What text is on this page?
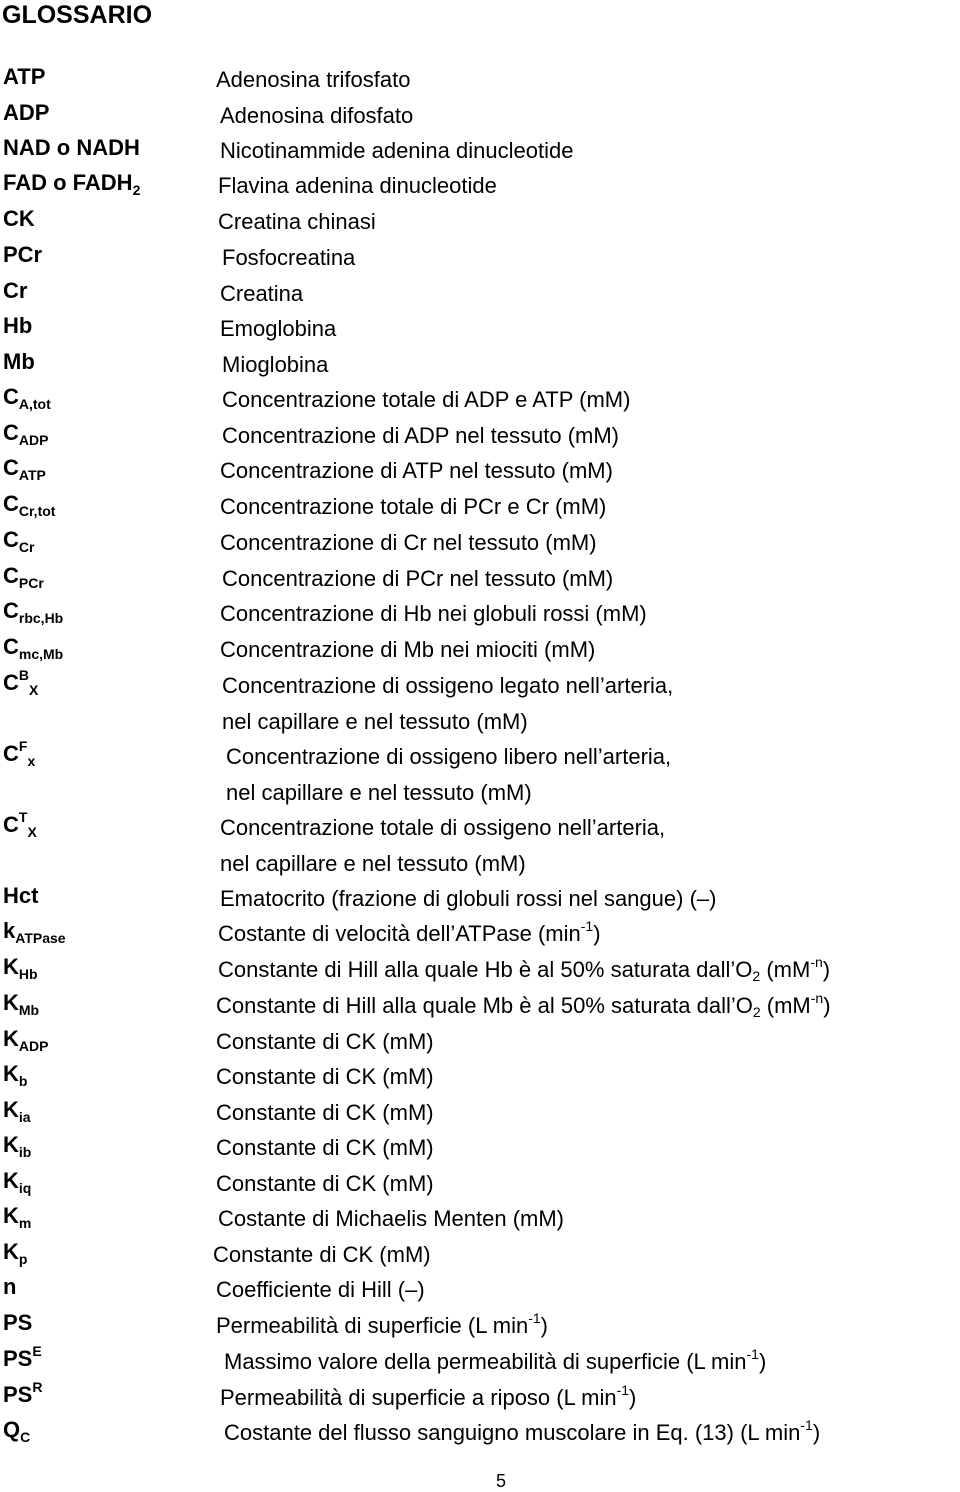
GLOSSARIO
ATP	Adenosina trifosfato
ADP	Adenosina difosfato
NAD o NADH	Nicotinammide adenina dinucleotide
FAD o $FADH_2$	Flavina adenina dinucleotide
CK	Creatina chinasi
PCr	Fosfocreatina
Cr	Creatina
Hb	Emoglobina
Mb	Mioglobina
$C_{A,tot}$	Concentrazione totale di ADP e ATP (mM)
$C_{ADP}$	Concentrazione di ADP nel tessuto (mM)
$C_{ATP}$	Concentrazione di ATP nel tessuto (mM)
$C_{Cr,tot}$	Concentrazione totale di PCr e Cr (mM)
$C_{Cr}$	Concentrazione di Cr nel tessuto (mM)
$C_{PCr}$	Concentrazione di PCr nel tessuto (mM)
$C_{rbc,Hb}$	Concentrazione di Hb nei globuli rossi (mM)
$C_{mc,Mb}$	Concentrazione di Mb nei miociti (mM)
$C^B_X$	Concentrazione di ossigeno legato nell’arteria,
nel capillare e nel tessuto (mM)
$C^F_x$	Concentrazione di ossigeno libero nell’arteria,
nel capillare e nel tessuto (mM)
$C^T_X$	Concentrazione totale di ossigeno nell’arteria,
nel capillare e nel tessuto (mM)
Hct	Ematocrito (frazione di globuli rossi nel sangue) (–)
$k_{ATPase}$	Costante di velocità dell’ATPase $(\min^{-1})$
$K_{Hb}$	Constante di Hill alla quale Hb è al 50% saturata $dall’O_2$ $(mM^{-n})$
$K_{Mb}$	Constante di Hill alla quale Mb è al 50% saturata $dall’O_2$ $(mM^{-n})$
$K_{ADP}$	Constante di CK (mM)
$K_b$	Constante di CK (mM)
$K_{ia}$	Constante di CK (mM)
$K_{ib}$	Constante di CK (mM)
$K_{iq}$	Constante di CK (mM)
$K_m$	Costante di Michaelis Menten (mM)
$K_p$	Constante di CK (mM)
n	Coefficiente di Hill (–)
PS	Permeabilità di superficie (L $\min^{-1}$)
$PS^E$	Massimo valore della permeabilità di superficie (L $\min^{-1}$)
$PS^R$	Permeabilità di superficie a riposo (L $\min^{-1}$)
$Q_C$	Costante del flusso sanguigno muscolare in Eq. (13) (L $\min^{-1}$)
5
